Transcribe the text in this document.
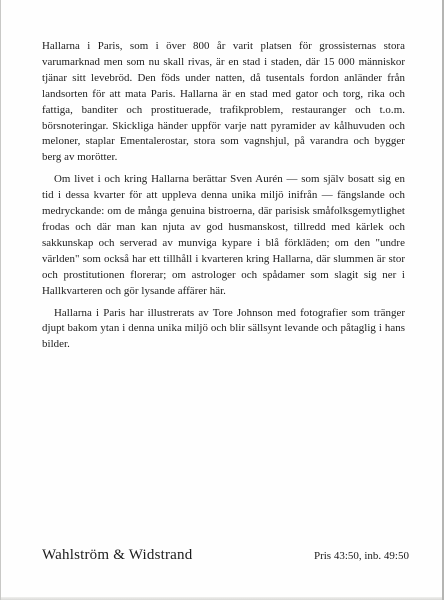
Hallarna i Paris, som i över 800 år varit platsen för grossisternas stora varumarknad men som nu skall rivas, är en stad i staden, där 15 000 människor tjänar sitt levebröd. Den föds under natten, då tusentals fordon anländer från landsorten för att mata Paris. Hallarna är en stad med gator och torg, rika och fattiga, banditer och prostituerade, trafikproblem, restauranger och t.o.m. börsnoteringar. Skickliga händer uppför varje natt pyramider av kålhuvuden och meloner, staplar Ementalerostar, stora som vagnshjul, på varandra och bygger berg av morötter.

Om livet i och kring Hallarna berättar Sven Aurén — som själv bosatt sig en tid i dessa kvarter för att uppleva denna unika miljö inifrån — fängslande och medryckande: om de många genuina bistroerna, där parisisk småfolksgemytlighet frodas och där man kan njuta av god husmanskost, tillredd med kärlek och sakkunskap och serverad av munviga kypare i blå förkläden; om den "undre världen" som också har ett tillhåll i kvarteren kring Hallarna, där slummen är stor och prostitutionen florerar; om astrologer och spådamer som slagit sig ner i Hallkvarteren och gör lysande affärer här.

Hallarna i Paris har illustrerats av Tore Johnson med fotografier som tränger djupt bakom ytan i denna unika miljö och blir sällsynt levande och påtaglig i hans bilder.

Wahlström & Widstrand	Pris 43:50, inb. 49:50
